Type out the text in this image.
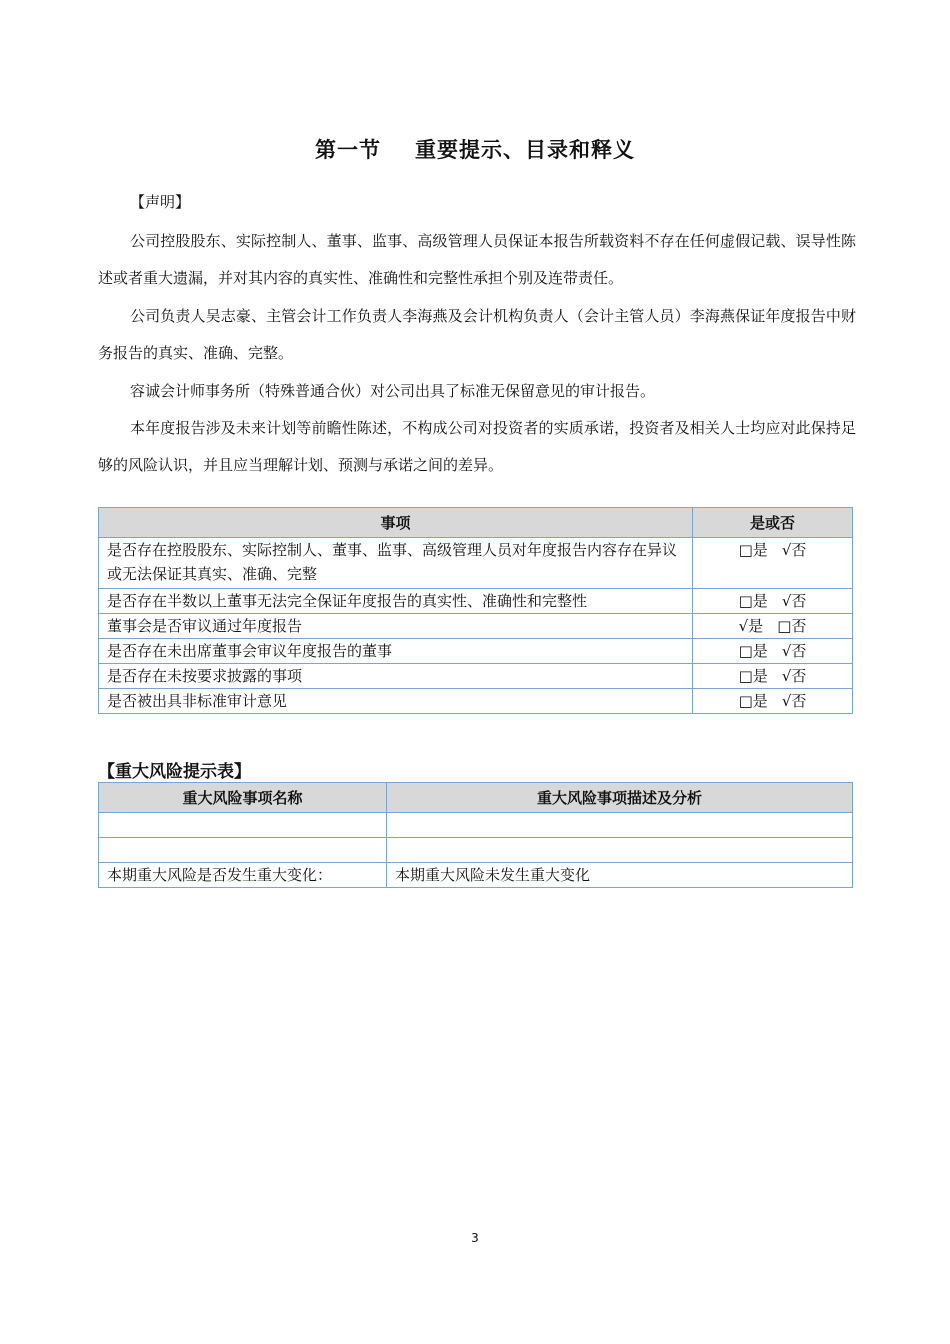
第一节 重要提示、目录和释义
【声明】

公司控股股东、实际控制人、董事、监事、高级管理人员保证本报告所载资料不存在任何虚假记载、误导性陈述或者重大遗漏，并对其内容的真实性、准确性和完整性承担个别及连带责任。

公司负责人吴志豪、主管会计工作负责人李海燕及会计机构负责人（会计主管人员）李海燕保证年度报告中财务报告的真实、准确、完整。

容诚会计师事务所（特殊普通合伙）对公司出具了标准无保留意见的审计报告。

本年度报告涉及未来计划等前瞻性陈述，不构成公司对投资者的实质承诺，投资者及相关人士均应对此保持足够的风险认识，并且应当理解计划、预测与承诺之间的差异。

事项	是或否
是否存在控股股东、实际控制人、董事、监事、高级管理人员对年度报告内容存在异议或无法保证其真实、准确、完整	□是 √否
是否存在半数以上董事无法完全保证年度报告的真实性、准确性和完整性	□是 √否
董事会是否审议通过年度报告	√是 □否
是否存在未出席董事会审议年度报告的董事	□是 √否
是否存在未按要求披露的事项	□是 √否
是否被出具非标准审计意见	□是 √否
【重大风险提示表】
重大风险事项名称	重大风险事项描述及分析

本期重大风险是否发生重大变化：	本期重大风险未发生重大变化
3
